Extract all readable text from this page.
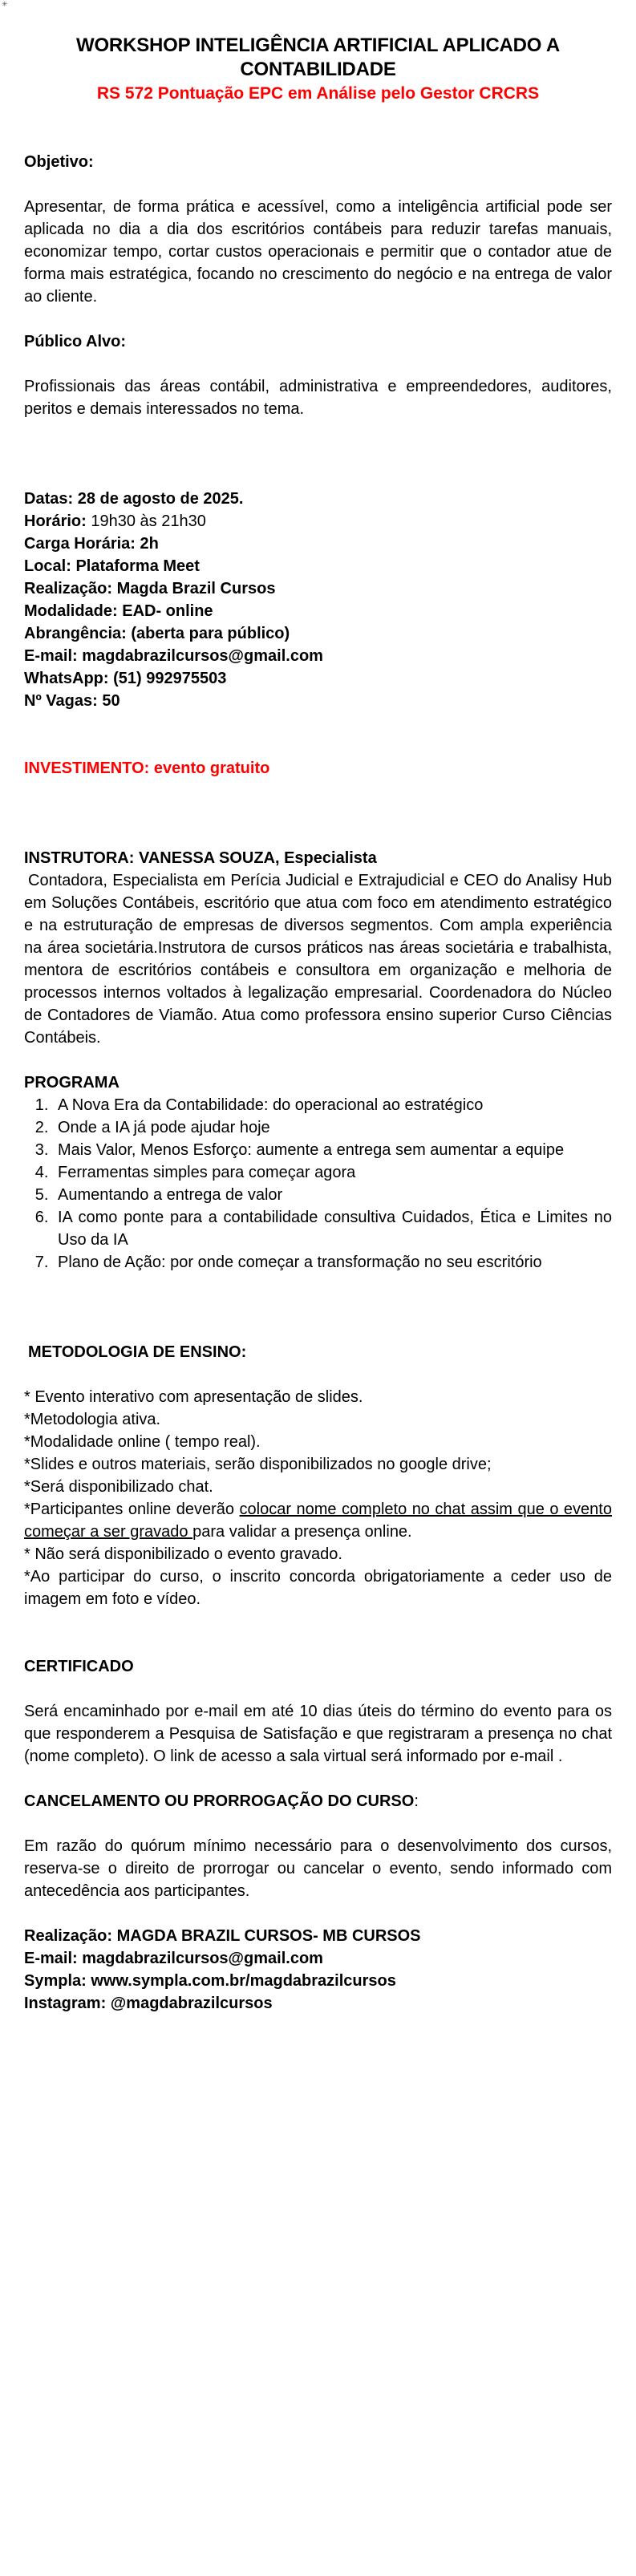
✳

WORKSHOP INTELIGÊNCIA ARTIFICIAL APLICADO A CONTABILIDADE

RS 572 Pontuação EPC em Análise pelo Gestor CRCRS

Objetivo:

Apresentar, de forma prática e acessível, como a inteligência artificial pode ser aplicada no dia a dia dos escritórios contábeis para reduzir tarefas manuais, economizar tempo, cortar custos operacionais e permitir que o contador atue de forma mais estratégica, focando no crescimento do negócio e na entrega de valor ao cliente.

Público Alvo:

Profissionais das áreas contábil, administrativa e empreendedores, auditores, peritos e demais interessados no tema.

Datas: 28 de agosto de 2025.

Horário: 19h30 às 21h30

Carga Horária: 2h

Local: Plataforma Meet

Realização: Magda Brazil Cursos

Modalidade: EAD- online

Abrangência: (aberta para público)

E-mail: magdabrazilcursos@gmail.com

WhatsApp: (51) 992975503

Nº Vagas: 50

INVESTIMENTO: evento gratuito

INSTRUTORA: VANESSA SOUZA, Especialista

Contadora, Especialista em Perícia Judicial e Extrajudicial e CEO do Analisy Hub em Soluções Contábeis, escritório que atua com foco em atendimento estratégico e na estruturação de empresas de diversos segmentos. Com ampla experiência na área societária.Instrutora de cursos práticos nas áreas societária e trabalhista, mentora de escritórios contábeis e consultora em organização e melhoria de processos internos voltados à legalização empresarial. Coordenadora do Núcleo de Contadores de Viamão. Atua como professora ensino superior Curso Ciências Contábeis.

PROGRAMA

1. A Nova Era da Contabilidade: do operacional ao estratégico
2. Onde a IA já pode ajudar hoje
3. Mais Valor, Menos Esforço: aumente a entrega sem aumentar a equipe
4. Ferramentas simples para começar agora
5. Aumentando a entrega de valor
6. IA como ponte para a contabilidade consultiva Cuidados, Ética e Limites no Uso da IA
7. Plano de Ação: por onde começar a transformação no seu escritório

METODOLOGIA DE ENSINO:

* Evento interativo com apresentação de slides.

*Metodologia ativa.

*Modalidade online ( tempo real).

*Slides e outros materiais, serão disponibilizados no google drive;

*Será disponibilizado chat.

*Participantes online deverão colocar nome completo no chat assim que o evento começar a ser gravado para validar a presença online.

* Não será disponibilizado o evento gravado.

*Ao participar do curso, o inscrito concorda obrigatoriamente a ceder uso de imagem em foto e vídeo.

CERTIFICADO

Será encaminhado por e-mail em até 10 dias úteis do término do evento para os que responderem a Pesquisa de Satisfação e que registraram a presença no chat (nome completo). O link de acesso a sala virtual será informado por e-mail .

CANCELAMENTO OU PRORROGAÇÃO DO CURSO:

Em razão do quórum mínimo necessário para o desenvolvimento dos cursos, reserva-se o direito de prorrogar ou cancelar o evento, sendo informado com antecedência aos participantes.

Realização: MAGDA BRAZIL CURSOS- MB CURSOS

E-mail: magdabrazilcursos@gmail.com

Sympla: www.sympla.com.br/magdabrazilcursos

Instagram: @magdabrazilcursos
